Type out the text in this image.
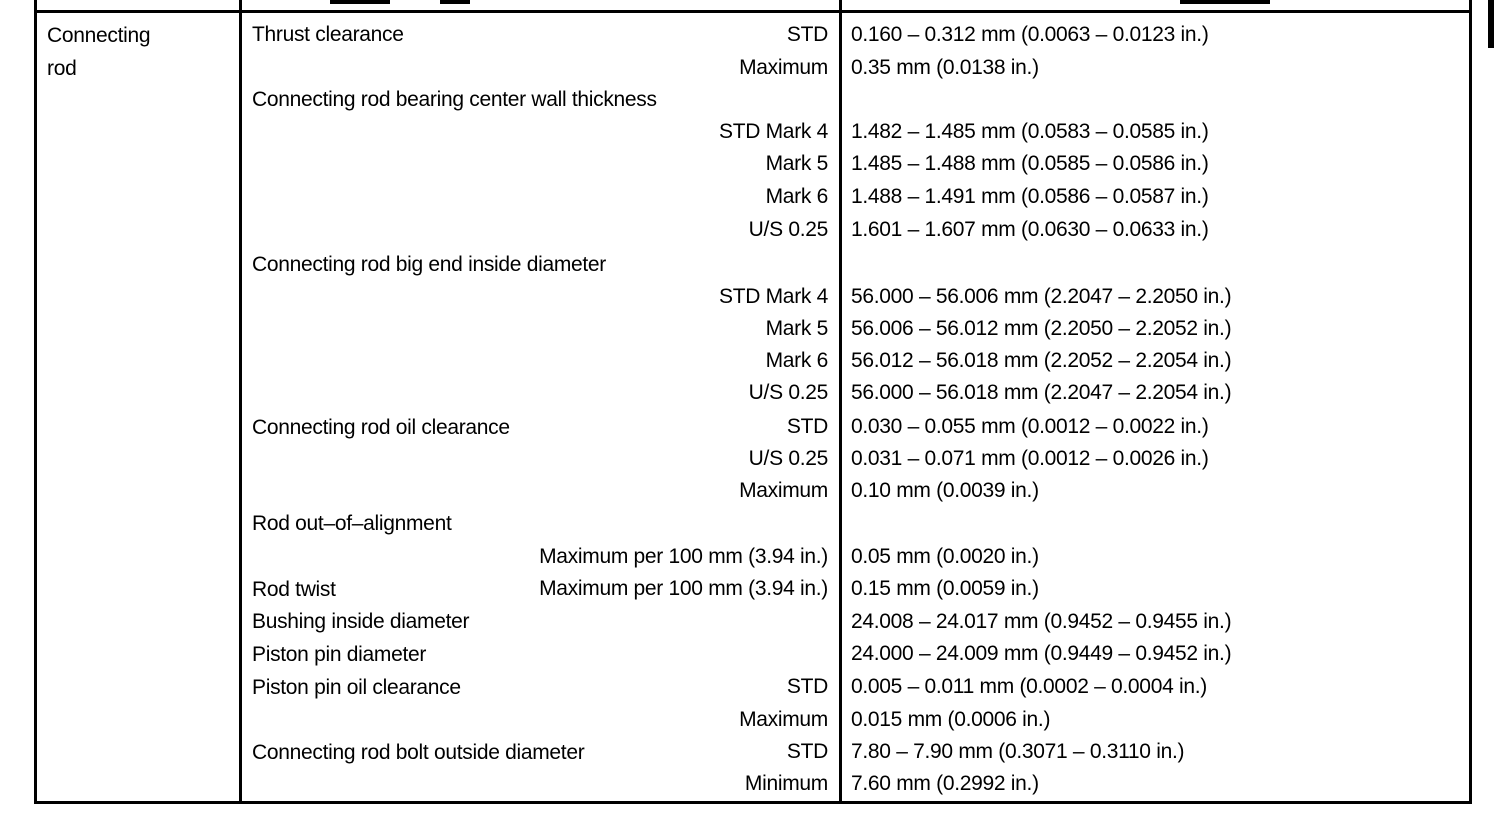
Connecting
rod
Thrust clearance	STD 0.160 – 0.312 mm (0.0063 – 0.0123 in.)
Maximum 0.35 mm (0.0138 in.)
Connecting rod bearing center wall thickness
STD Mark 4 1.482 – 1.485 mm (0.0583 – 0.0585 in.)
Mark 5 1.485 – 1.488 mm (0.0585 – 0.0586 in.)
Mark 6 1.488 – 1.491 mm (0.0586 – 0.0587 in.)
U/S 0.25 1.601 – 1.607 mm (0.0630 – 0.0633 in.)
Connecting rod big end inside diameter
STD Mark 4 56.000 – 56.006 mm (2.2047 – 2.2050 in.)
Mark 5 56.006 – 56.012 mm (2.2050 – 2.2052 in.)
Mark 6 56.012 – 56.018 mm (2.2052 – 2.2054 in.)
U/S 0.25 56.000 – 56.018 mm (2.2047 – 2.2054 in.)
Connecting rod oil clearance	STD 0.030 – 0.055 mm (0.0012 – 0.0022 in.)
U/S 0.25 0.031 – 0.071 mm (0.0012 – 0.0026 in.)
Maximum 0.10 mm (0.0039 in.)
Rod out–of–alignment
Maximum per 100 mm (3.94 in.) 0.05 mm (0.0020 in.)
Rod twist	Maximum per 100 mm (3.94 in.) 0.15 mm (0.0059 in.)
Bushing inside diameter	24.008 – 24.017 mm (0.9452 – 0.9455 in.)
Piston pin diameter	24.000 – 24.009 mm (0.9449 – 0.9452 in.)
Piston pin oil clearance	STD 0.005 – 0.011 mm (0.0002 – 0.0004 in.)
Maximum 0.015 mm (0.0006 in.)
Connecting rod bolt outside diameter	STD 7.80 – 7.90 mm (0.3071 – 0.3110 in.)
Minimum 7.60 mm (0.2992 in.)
